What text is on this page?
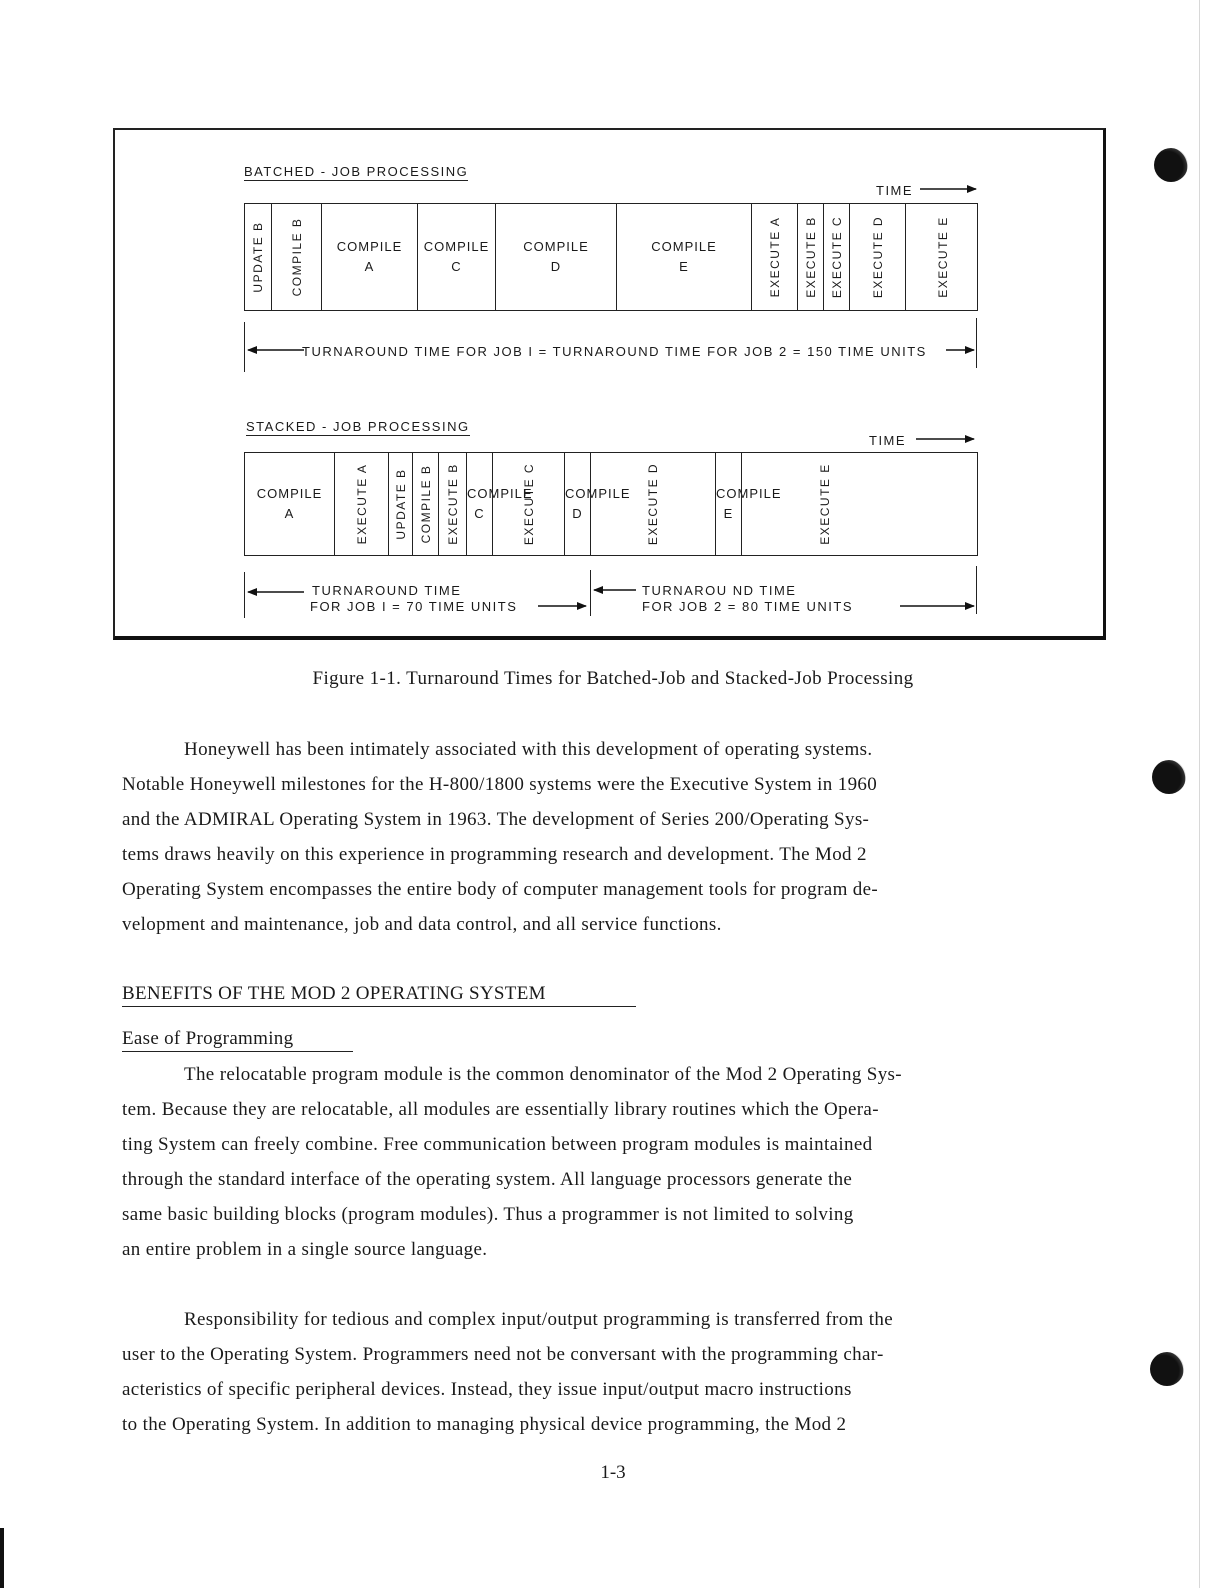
BATCHED - JOB PROCESSING
TIME
UPDATE B COMPILE B	COMPILE
A
COMPILE
C
COMPILE
D
COMPILE
E	EXECUTE A EXECUTE B EXECUTE C EXECUTE D	EXECUTE E
TURNAROUND TIME FOR JOB I = TURNAROUND TIME FOR JOB 2 = 150 TIME UNITS
STACKED - JOB PROCESSING
TIME
COMPILE
A	EXECUTE A UPDATE B COMPILE B EXECUTE B COMPILE
C	EXECUTE C COMPILE
D	EXECUTE D	COMPILE
E	EXECUTE E
TURNAROUND TIME
FOR JOB I = 70 TIME UNITS
TURNAROU ND TIME
FOR JOB 2 = 80 TIME UNITS
Figure 1-1. Turnaround Times for Batched-Job and Stacked-Job Processing
Honeywell has been intimately associated with this development of operating systems.
Notable Honeywell milestones for the H-800/1800 systems were the Executive System in 1960
and the ADMIRAL Operating System in 1963. The development of Series 200/Operating Sys-
tems draws heavily on this experience in programming research and development. The Mod 2
Operating System encompasses the entire body of computer management tools for program de-
velopment and maintenance, job and data control, and all service functions.
BENEFITS OF THE MOD 2 OPERATING SYSTEM
Ease of Programming
The relocatable program module is the common denominator of the Mod 2 Operating Sys-
tem. Because they are relocatable, all modules are essentially library routines which the Opera-
ting System can freely combine. Free communication between program modules is maintained
through the standard interface of the operating system. All language processors generate the
same basic building blocks (program modules). Thus a programmer is not limited to solving
an entire problem in a single source language.
Responsibility for tedious and complex input/output programming is transferred from the
user to the Operating System. Programmers need not be conversant with the programming char-
acteristics of specific peripheral devices. Instead, they issue input/output macro instructions
to the Operating System. In addition to managing physical device programming, the Mod 2
1-3
